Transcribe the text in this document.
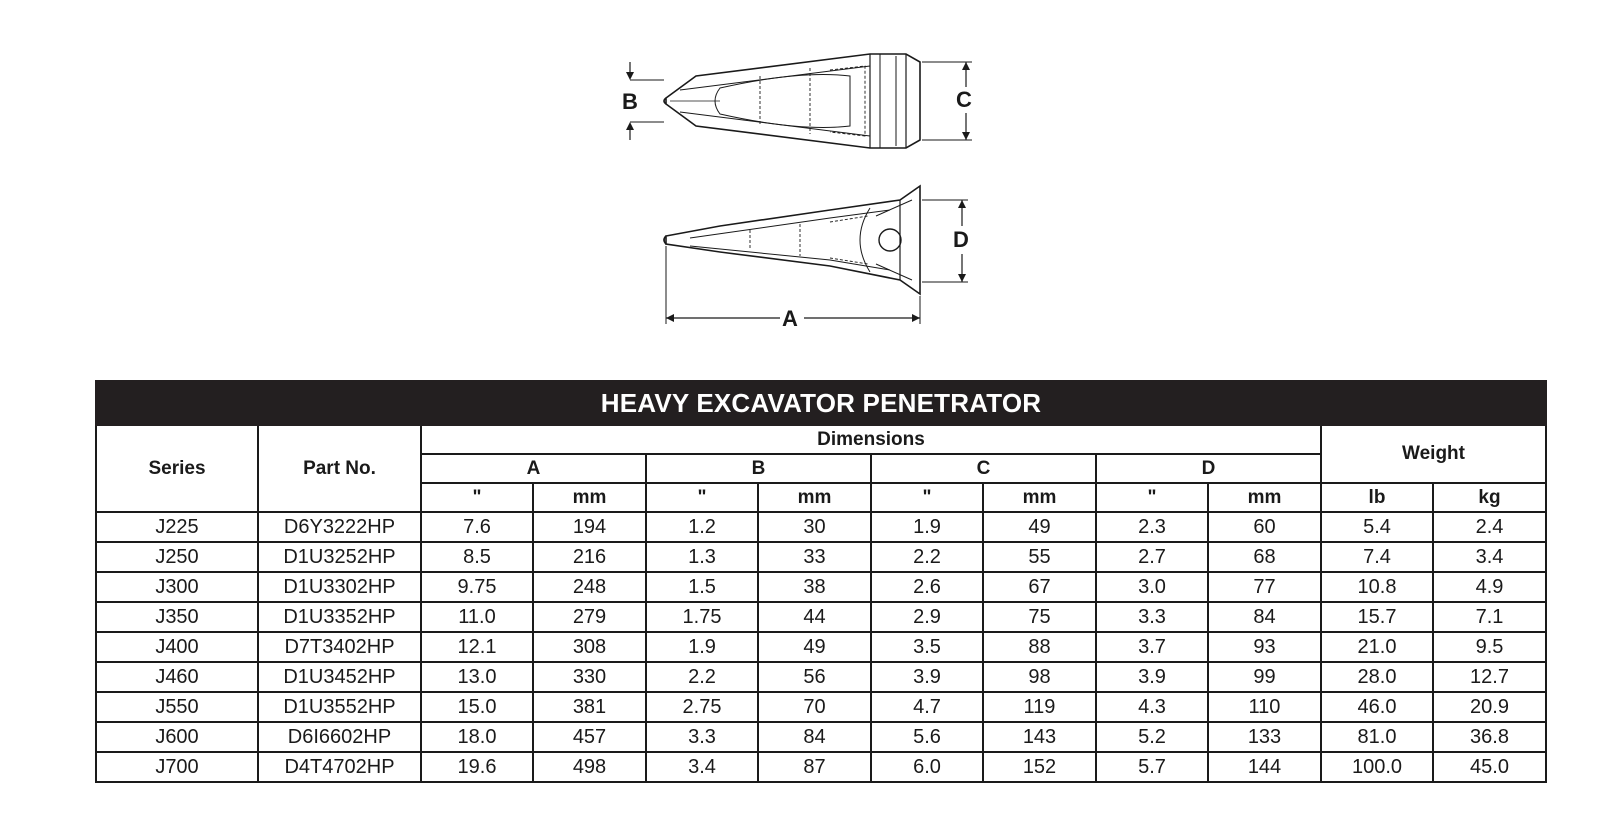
B	C
D
A
HEAVY EXCAVATOR PENETRATOR											
Series	Part No.	Dimensions								Weight	
		A		B		C		D			
		"	mm	"	mm	"	mm	"	mm	lb	kg
J225	D6Y3222HP	7.6	194	1.2	30	1.9	49	2.3	60	5.4	2.4
J250	D1U3252HP	8.5	216	1.3	33	2.2	55	2.7	68	7.4	3.4
J300	D1U3302HP	9.75	248	1.5	38	2.6	67	3.0	77	10.8	4.9
J350	D1U3352HP	11.0	279	1.75	44	2.9	75	3.3	84	15.7	7.1
J400	D7T3402HP	12.1	308	1.9	49	3.5	88	3.7	93	21.0	9.5
J460	D1U3452HP	13.0	330	2.2	56	3.9	98	3.9	99	28.0	12.7
J550	D1U3552HP	15.0	381	2.75	70	4.7	119	4.3	110	46.0	20.9
J600	D6I6602HP	18.0	457	3.3	84	5.6	143	5.2	133	81.0	36.8
J700	D4T4702HP	19.6	498	3.4	87	6.0	152	5.7	144	100.0	45.0
